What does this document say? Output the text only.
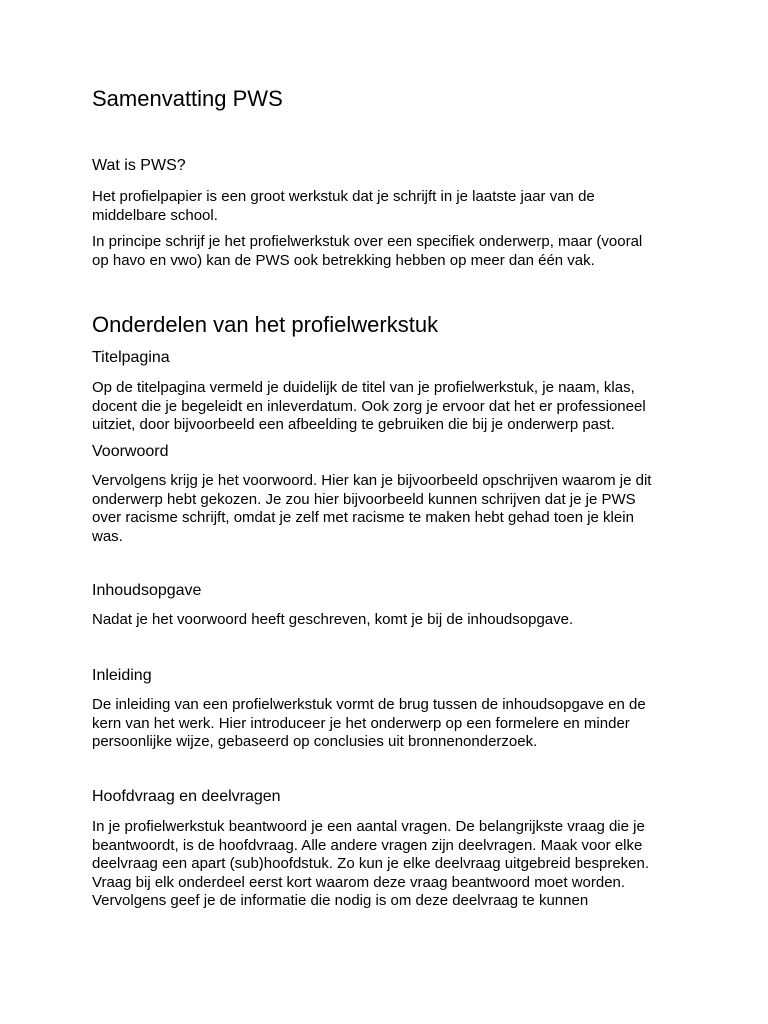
Samenvatting PWS
Wat is PWS?

Het profielpapier is een groot werkstuk dat je schrijft in je laatste jaar van de
middelbare school.

In principe schrijf je het profielwerkstuk over een specifiek onderwerp, maar (vooral
op havo en vwo) kan de PWS ook betrekking hebben op meer dan één vak.

Onderdelen van het profielwerkstuk
Titelpagina

Op de titelpagina vermeld je duidelijk de titel van je profielwerkstuk, je naam, klas,
docent die je begeleidt en inleverdatum. Ook zorg je ervoor dat het er professioneel
uitziet, door bijvoorbeeld een afbeelding te gebruiken die bij je onderwerp past.

Voorwoord

Vervolgens krijg je het voorwoord. Hier kan je bijvoorbeeld opschrijven waarom je dit
onderwerp hebt gekozen. Je zou hier bijvoorbeeld kunnen schrijven dat je je PWS
over racisme schrijft, omdat je zelf met racisme te maken hebt gehad toen je klein
was.

Inhoudsopgave

Nadat je het voorwoord heeft geschreven, komt je bij de inhoudsopgave.

Inleiding

De inleiding van een profielwerkstuk vormt de brug tussen de inhoudsopgave en de
kern van het werk. Hier introduceer je het onderwerp op een formelere en minder
persoonlijke wijze, gebaseerd op conclusies uit bronnenonderzoek.

Hoofdvraag en deelvragen

In je profielwerkstuk beantwoord je een aantal vragen. De belangrijkste vraag die je
beantwoordt, is de hoofdvraag. Alle andere vragen zijn deelvragen. Maak voor elke
deelvraag een apart (sub)hoofdstuk. Zo kun je elke deelvraag uitgebreid bespreken.
Vraag bij elk onderdeel eerst kort waarom deze vraag beantwoord moet worden.
Vervolgens geef je de informatie die nodig is om deze deelvraag te kunnen
